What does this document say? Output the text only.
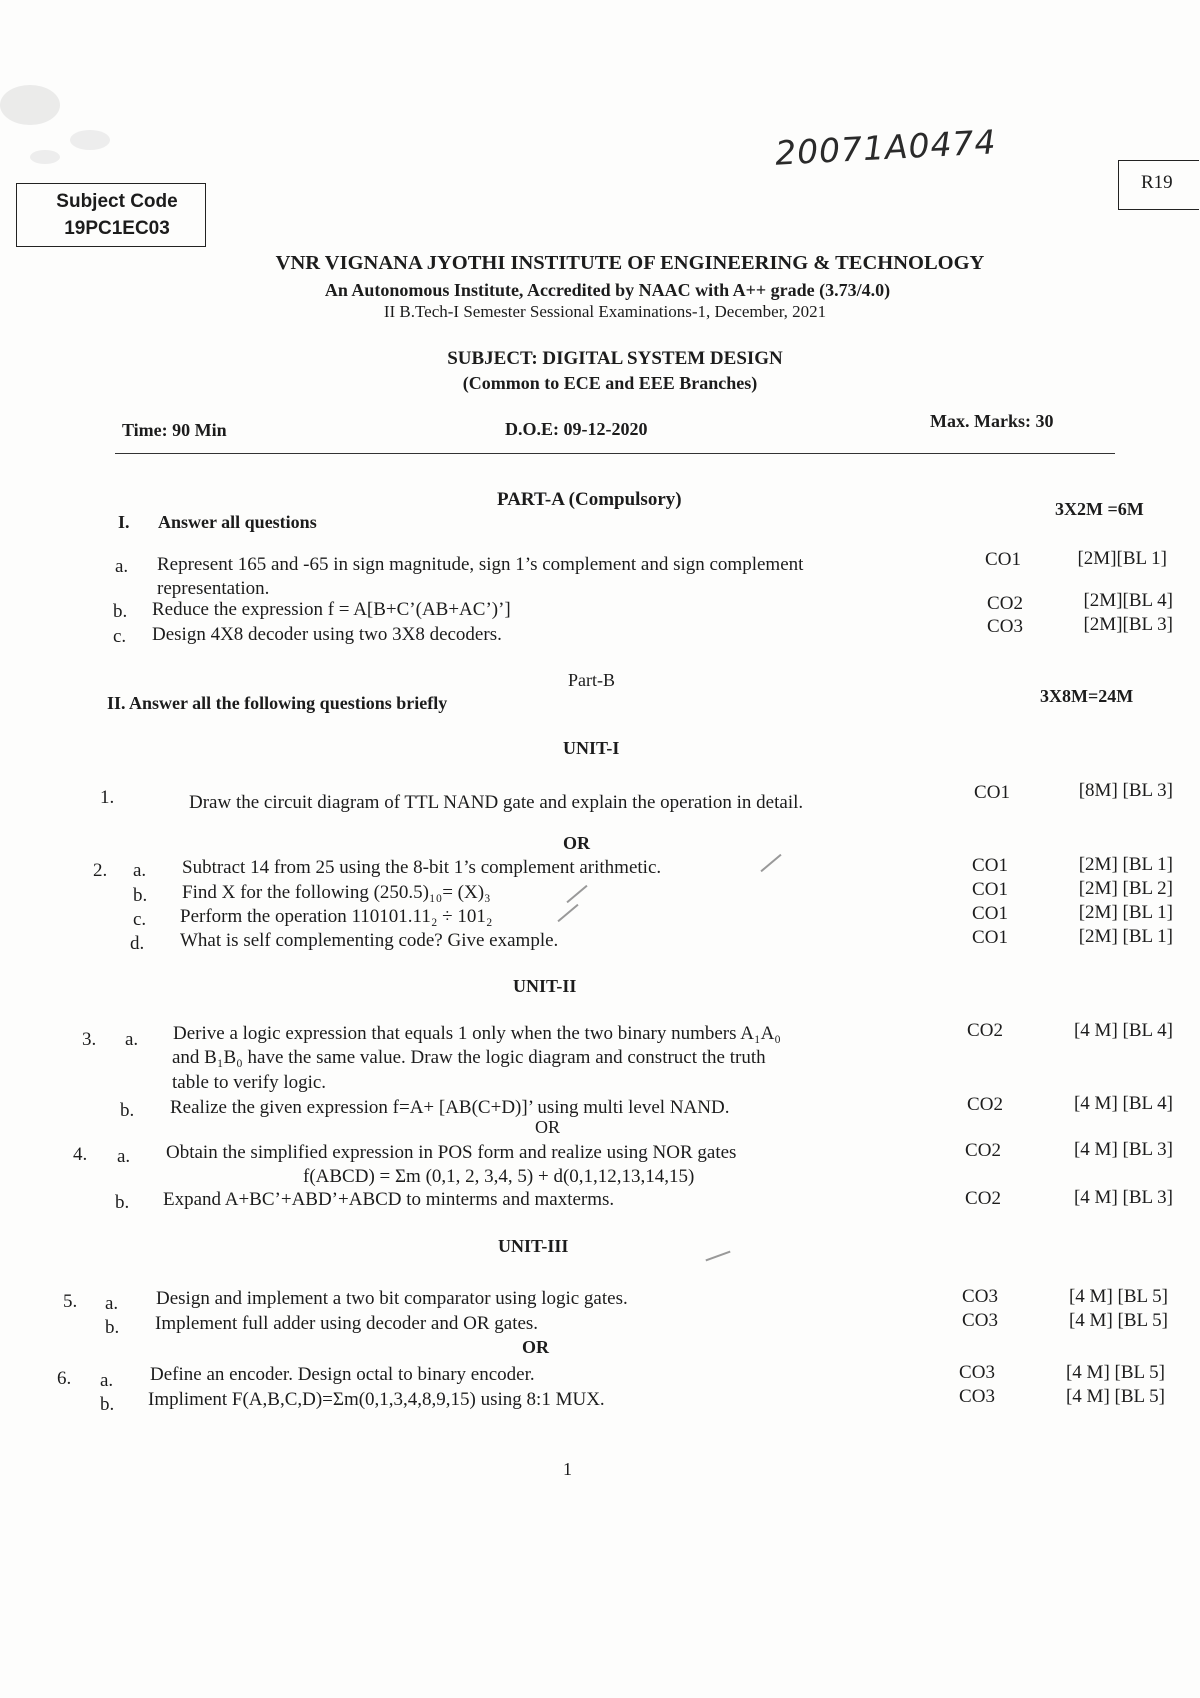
20071A0474
Subject Code
19PC1EC03
R19
VNR VIGNANA JYOTHI INSTITUTE OF ENGINEERING & TECHNOLOGY
An Autonomous Institute, Accredited by NAAC with A++ grade (3.73/4.0)
II B.Tech-I Semester Sessional Examinations-1, December, 2021
SUBJECT: DIGITAL SYSTEM DESIGN
(Common to ECE and EEE Branches)
Time: 90 Min	D.O.E: 09-12-2020	Max. Marks: 30
PART-A (Compulsory)
I. Answer all questions
3X2M =6M
a. Represent 165 and -65 in sign magnitude, sign 1’s complement and sign complement
representation.
CO1	[2M][BL 1]
b. Reduce the expression f = A[B+C’(AB+AC’)’]	CO2	[2M][BL 4]
c. Design 4X8 decoder using two 3X8 decoders.	CO3	[2M][BL 3]
Part-B
II. Answer all the following questions briefly	3X8M=24M
UNIT-I
1.	Draw the circuit diagram of TTL NAND gate and explain the operation in detail.	CO1	[8M] [BL 3]
OR
2. a. Subtract 14 from 25 using the 8-bit 1’s complement arithmetic.	CO1	[2M] [BL 1]
b. Find X for the following (250.5)₁₀= (X)₃	CO1	[2M] [BL 2]
c. Perform the operation 110101.11₂ ÷ 101₂	CO1	[2M] [BL 1]
d. What is self complementing code? Give example.	CO1	[2M] [BL 1]
UNIT-II
3. a. Derive a logic expression that equals 1 only when the two binary numbers A₁A₀
and B₁B₀ have the same value. Draw the logic diagram and construct the truth
table to verify logic.
CO2	[4 M] [BL 4]
b. Realize the given expression f=A+ [AB(C+D)]’ using multi level NAND.	CO2	[4 M] [BL 4]
OR
4. a. Obtain the simplified expression in POS form and realize using NOR gates
f(ABCD) = Σm (0,1, 2, 3,4, 5) + d(0,1,12,13,14,15)
CO2	[4 M] [BL 3]
b. Expand A+BC’+ABD’+ABCD to minterms and maxterms.	CO2	[4 M] [BL 3]
UNIT-III
5. a. Design and implement a two bit comparator using logic gates.	CO3	[4 M] [BL 5]
b. Implement full adder using decoder and OR gates.	CO3	[4 M] [BL 5]
OR
6. a. Define an encoder. Design octal to binary encoder.	CO3	[4 M] [BL 5]
b. Impliment F(A,B,C,D)=Σm(0,1,3,4,8,9,15) using 8:1 MUX.	CO3	[4 M] [BL 5]
1
